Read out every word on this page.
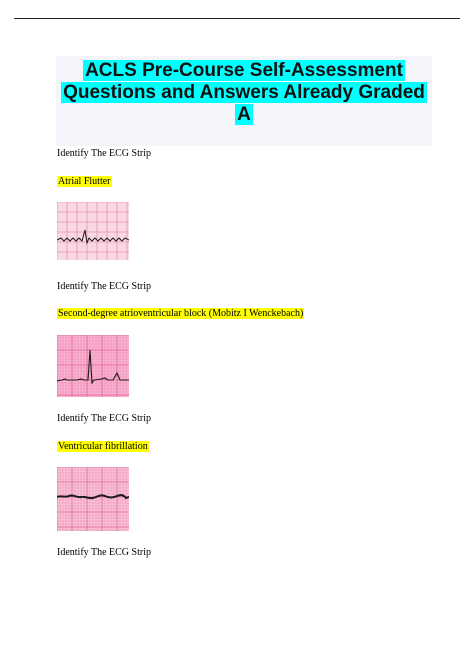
ACLS Pre-Course Self-Assessment Questions and Answers Already Graded A
Identify The ECG Strip
Atrial Flutter
Identify The ECG Strip
Second-degree atrioventricular block (Mobitz I Wenckebach)
Identify The ECG Strip
Ventricular fibrillation
Identify The ECG Strip
